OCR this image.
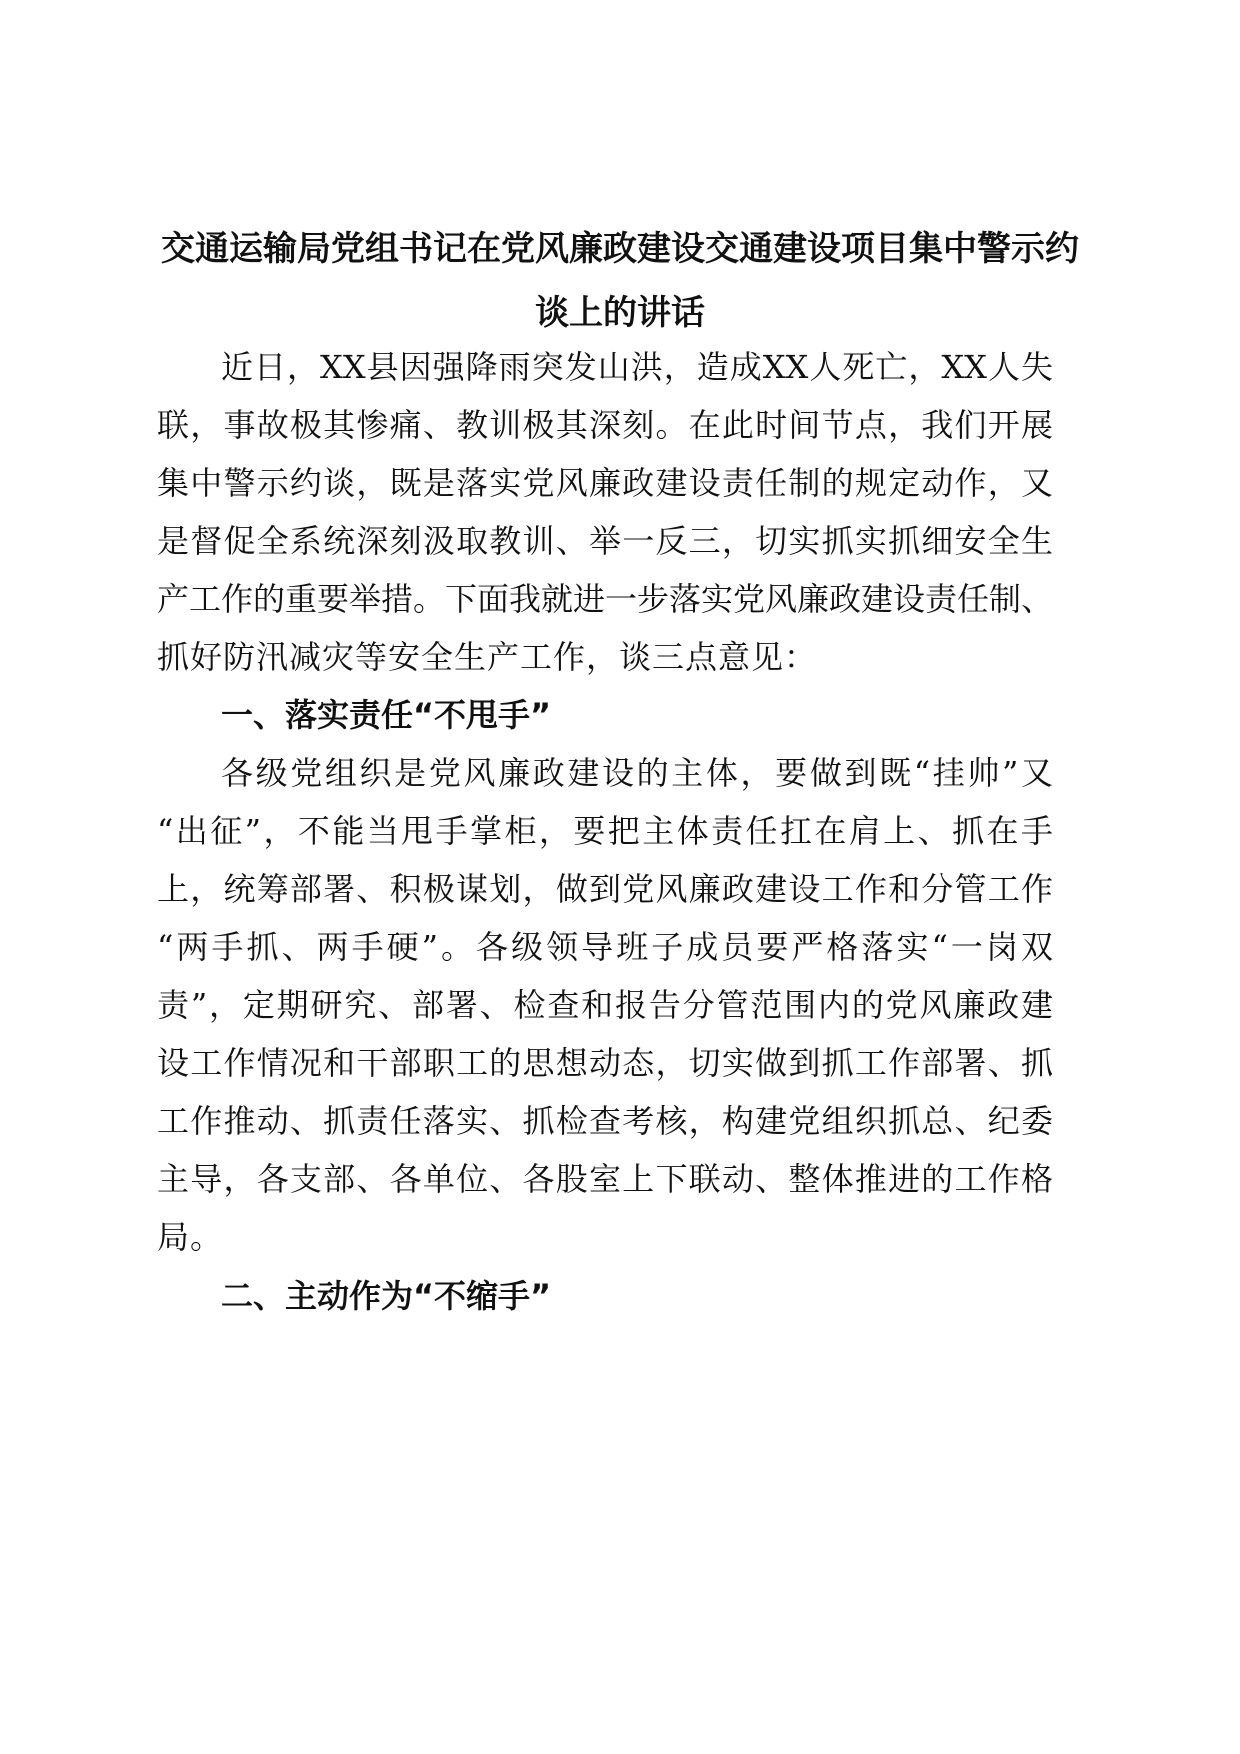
交通运输局党组书记在党风廉政建设交通建设项目集中警示约
谈上的讲话
近日，XX县因强降雨突发山洪，造成XX人死亡，XX人失
联，事故极其惨痛、教训极其深刻。在此时间节点，我们开展
集中警示约谈，既是落实党风廉政建设责任制的规定动作，又
是督促全系统深刻汲取教训、举一反三，切实抓实抓细安全生
产工作的重要举措。下面我就进一步落实党风廉政建设责任制、
抓好防汛减灾等安全生产工作，谈三点意见：
一、落实责任“不甩手”
各级党组织是党风廉政建设的主体，要做到既“挂帅”又
“出征”，不能当甩手掌柜，要把主体责任扛在肩上、抓在手
上，统筹部署、积极谋划，做到党风廉政建设工作和分管工作
“两手抓、两手硬”。各级领导班子成员要严格落实“一岗双
责”，定期研究、部署、检查和报告分管范围内的党风廉政建
设工作情况和干部职工的思想动态，切实做到抓工作部署、抓
工作推动、抓责任落实、抓检查考核，构建党组织抓总、纪委
主导，各支部、各单位、各股室上下联动、整体推进的工作格
局。
二、主动作为“不缩手”
